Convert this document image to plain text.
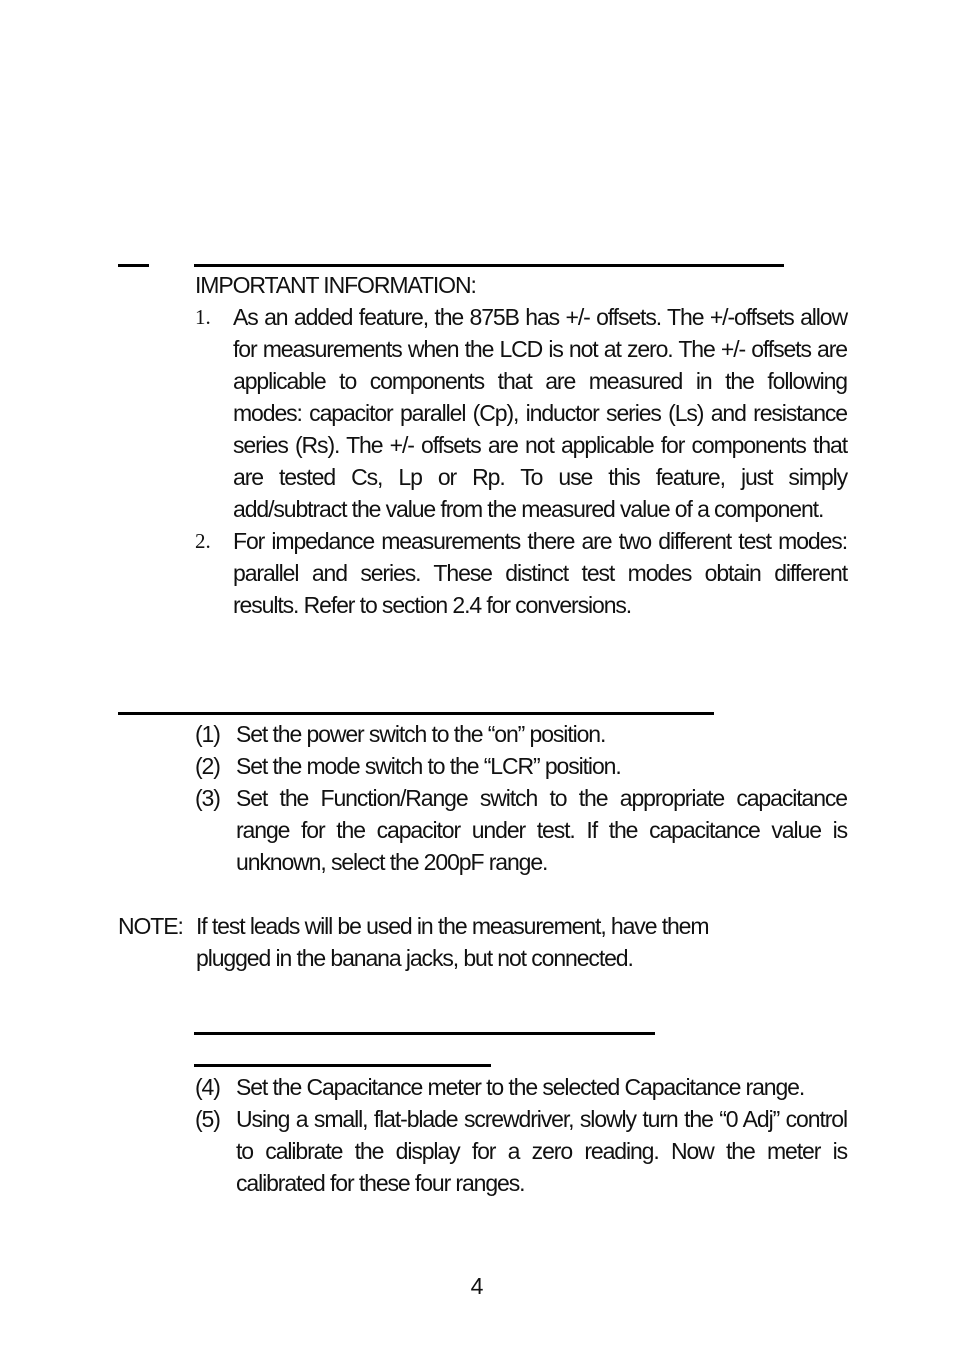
IMPORTANT INFORMATION:
1. As an added feature, the 875B has +/- offsets. The +/-offsets allow for measurements when the LCD is not at zero. The +/- offsets are applicable to components that are measured in the following modes: capacitor parallel (Cp), inductor series (Ls) and resistance series (Rs). The +/- offsets are not applicable for components that are tested Cs, Lp or Rp. To use this feature, just simply add/subtract the value from the measured value of a component.
2. For impedance measurements there are two different test modes: parallel and series. These distinct test modes obtain different results. Refer to section 2.4 for conversions.
(1) Set the power switch to the “on” position.
(2) Set the mode switch to the “LCR” position.
(3) Set the Function/Range switch to the appropriate capacitance range for the capacitor under test. If the capacitance value is unknown, select the 200pF range.
NOTE: If test leads will be used in the measurement, have them
plugged in the banana jacks, but not connected.
(4) Set the Capacitance meter to the selected Capacitance range.
(5) Using a small, flat-blade screwdriver, slowly turn the “0 Adj” control to calibrate the display for a zero reading. Now the meter is calibrated for these four ranges.
4
